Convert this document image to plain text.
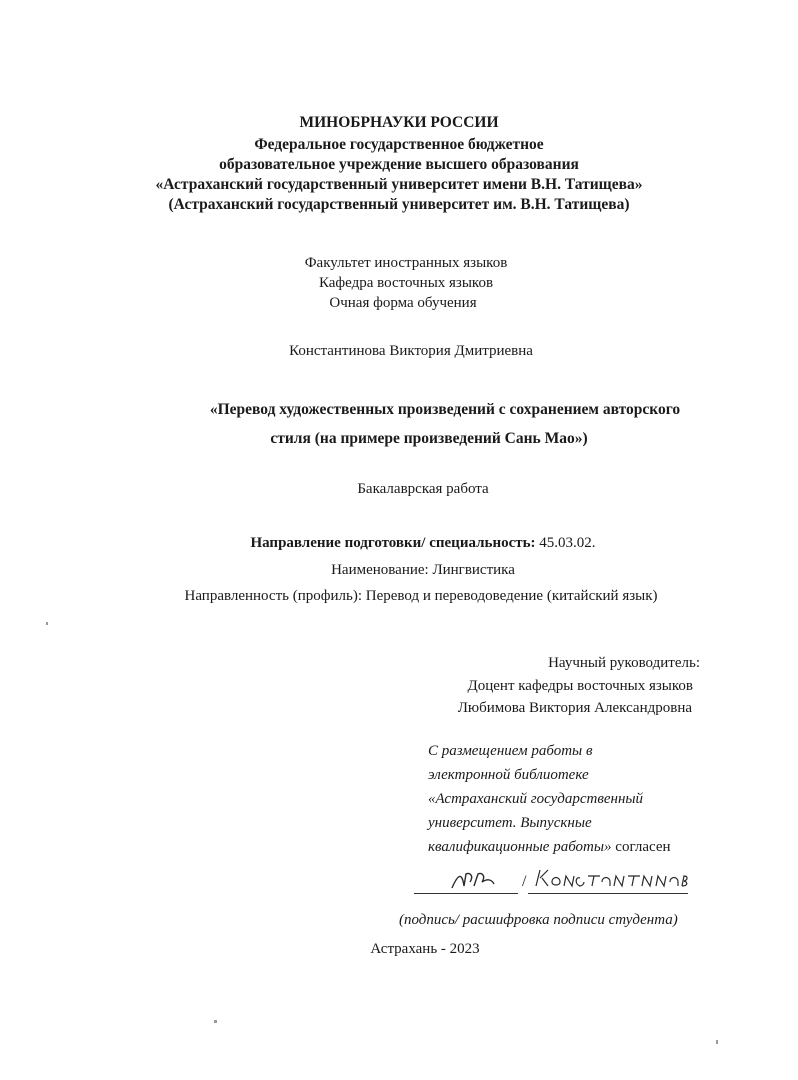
МИНОБРНАУКИ РОССИИ
Федеральное государственное бюджетное
образовательное учреждение высшего образования
«Астраханский государственный университет имени В.Н. Татищева»
(Астраханский государственный университет им. В.Н. Татищева)
Факультет иностранных языков
Кафедра восточных языков
Очная форма обучения
Константинова Виктория Дмитриевна
«Перевод художественных произведений с сохранением авторского
стиля (на примере произведений Сань Мао»)
Бакалаврская работа
Направление подготовки/ специальность: 45.03.02.
Наименование: Лингвистика
Направленность (профиль): Перевод и переводоведение (китайский язык)
Научный руководитель:
Доцент кафедры восточных языков
Любимова Виктория Александровна
С размещением работы в
электронной библиотеке
«Астраханский государственный
университет. Выпускные
квалификационные работы» согласен
/
(подпись/ расшифровка подписи студента)
Астрахань - 2023
